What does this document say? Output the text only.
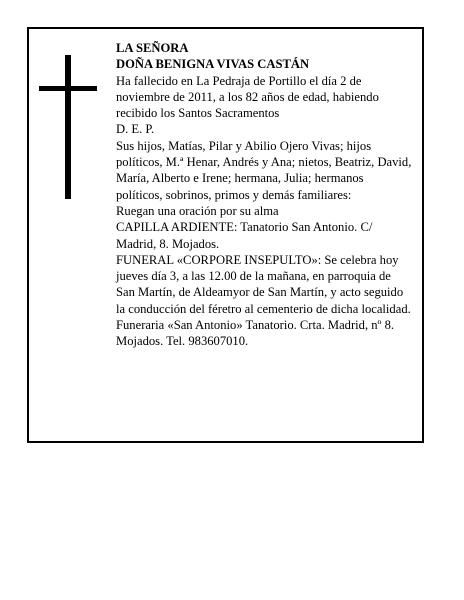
LA SEÑORA

DOÑA BENIGNA VIVAS CASTÁN

Ha fallecido en La Pedraja de Portillo el día 2 de noviembre de 2011, a los 82 años de edad, habiendo recibido los Santos Sacramentos

D. E. P.

Sus hijos, Matías, Pilar y Abilio Ojero Vivas; hijos políticos, M.ª Henar, Andrés y Ana; nietos, Beatriz, David, María, Alberto e Irene; hermana, Julia; hermanos políticos, sobrinos, primos y demás familiares:

Ruegan una oración por su alma

CAPILLA ARDIENTE: Tanatorio San Antonio. C/ Madrid, 8. Mojados.

FUNERAL «CORPORE INSEPULTO»: Se celebra hoy jueves día 3, a las 12.00 de la mañana, en parroquia de San Martín, de Aldeamyor de San Martín, y acto seguido la conducción del féretro al cementerio de dicha localidad.

Funeraria «San Antonio» Tanatorio. Crta. Madrid, nº 8. Mojados. Tel. 983607010.
